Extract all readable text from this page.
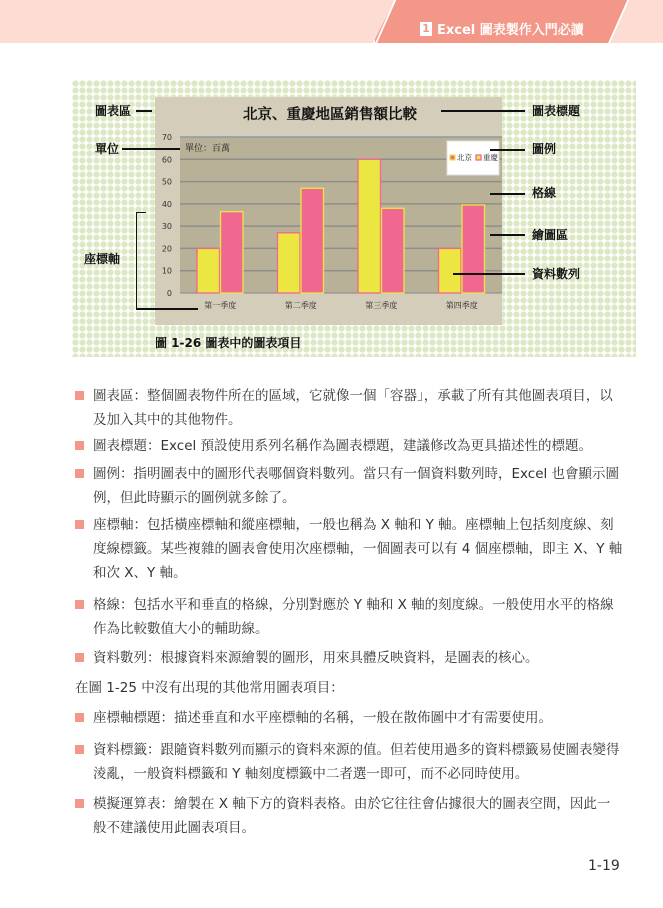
1 Excel 圖表製作入門必讀
北京、重慶地區銷售額比較
0
10
20
30
40
50
60
70
單位：百萬
第一季度	第二季度	第三季度	第四季度
北京 重慶
圖表區
單位
座標軸
圖表標題
圖例
格線
繪圖區
資料數列
圖 1-26 圖表中的圖表項目
圖表區：整個圖表物件所在的區域，它就像一個「容器」，承載了所有其他圖表項目，以及加入其中的其他物件。
圖表標題：Excel 預設使用系列名稱作為圖表標題，建議修改為更具描述性的標題。
圖例：指明圖表中的圖形代表哪個資料數列。當只有一個資料數列時，Excel 也會顯示圖例，但此時顯示的圖例就多餘了。
座標軸：包括橫座標軸和縱座標軸，一般也稱為 X 軸和 Y 軸。座標軸上包括刻度線、刻度線標籤。某些複雜的圖表會使用次座標軸，一個圖表可以有 4 個座標軸，即主 X、Y 軸和次 X、Y 軸。
格線：包括水平和垂直的格線，分別對應於 Y 軸和 X 軸的刻度線。一般使用水平的格線作為比較數值大小的輔助線。
資料數列：根據資料來源繪製的圖形，用來具體反映資料，是圖表的核心。
在圖 1-25 中沒有出現的其他常用圖表項目：
座標軸標題：描述垂直和水平座標軸的名稱，一般在散佈圖中才有需要使用。
資料標籤：跟隨資料數列而顯示的資料來源的值。但若使用過多的資料標籤易使圖表變得淩亂，一般資料標籤和 Y 軸刻度標籤中二者選一即可，而不必同時使用。
模擬運算表：繪製在 X 軸下方的資料表格。由於它往往會佔據很大的圖表空間，因此一般不建議使用此圖表項目。
1-19
